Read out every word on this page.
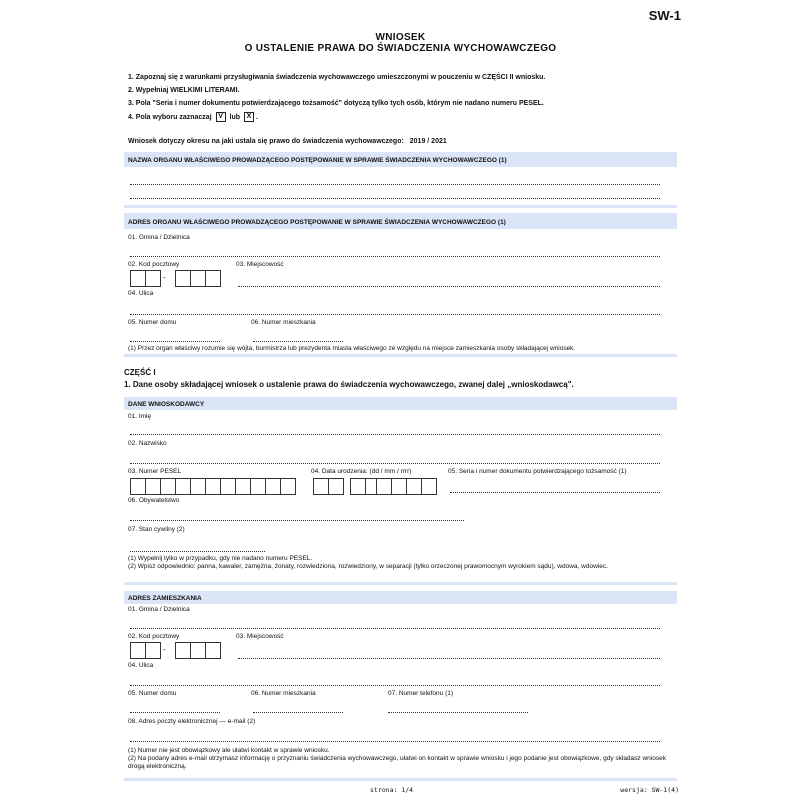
SW-1
WNIOSEK
O USTALENIE PRAWA DO ŚWIADCZENIA WYCHOWAWCZEGO
1. Zapoznaj się z warunkami przysługiwania świadczenia wychowawczego umieszczonymi w pouczeniu w CZĘŚCI II wniosku.
2. Wypełniaj WIELKIMI LITERAMI.
3. Pola "Seria i numer dokumentu potwierdzającego tożsamość" dotyczą tylko tych osób, którym nie nadano numeru PESEL.
4. Pola wyboru zaznaczaj V lub X .
Wniosek dotyczy okresu na jaki ustala się prawo do świadczenia wychowawczego: 2019 / 2021
NAZWA ORGANU WŁAŚCIWEGO PROWADZĄCEGO POSTĘPOWANIE W SPRAWIE ŚWIADCZENIA WYCHOWAWCZEGO (1)
ADRES ORGANU WŁAŚCIWEGO PROWADZĄCEGO POSTĘPOWANIE W SPRAWIE ŚWIADCZENIA WYCHOWAWCZEGO (1)
01. Gmina / Dzielnica
02. Kod pocztowy
-
03. Miejscowość
04. Ulica
05. Numer domu	06. Numer mieszkania
(1) Przez organ właściwy rozumie się wójta, burmistrza lub prezydenta miasta właściwego ze względu na miejsce zamieszkania osoby składającej wniosek.
CZĘŚĆ I
1. Dane osoby składającej wniosek o ustalenie prawa do świadczenia wychowawczego, zwanej dalej „wnioskodawcą".
DANE WNIOSKODAWCY
01. Imię
02. Nazwisko
03. Numer PESEL	04. Data urodzenia: (dd / mm / rrrr)	05. Seria i numer dokumentu potwierdzającego tożsamość (1)
06. Obywatelstwo
07. Stan cywilny (2)
(1) Wypełnij tylko w przypadku, gdy nie nadano numeru PESEL.
(2) Wpisz odpowiednio: panna, kawaler, zamężna, żonaty, rozwiedziona, rozwiedziony, w separacji (tylko orzeczonej prawomocnym wyrokiem sądu), wdowa, wdowiec.
ADRES ZAMIESZKANIA
01. Gmina / Dzielnica
02. Kod pocztowy
-
03. Miejscowość
04. Ulica
05. Numer domu	06. Numer mieszkania	07. Numer telefonu (1)
08. Adres poczty elektronicznej — e-mail (2)
(1) Numer nie jest obowiązkowy ale ułatwi kontakt w sprawie wniosku.
(2) Na podany adres e-mail otrzymasz informację o przyznaniu świadczenia wychowawczego, ułatwi on kontakt w sprawie wniosku i jego podanie jest obowiązkowe, gdy składasz wniosek drogą elektroniczną.
strona: 1/4	wersja: SW-1(4)
